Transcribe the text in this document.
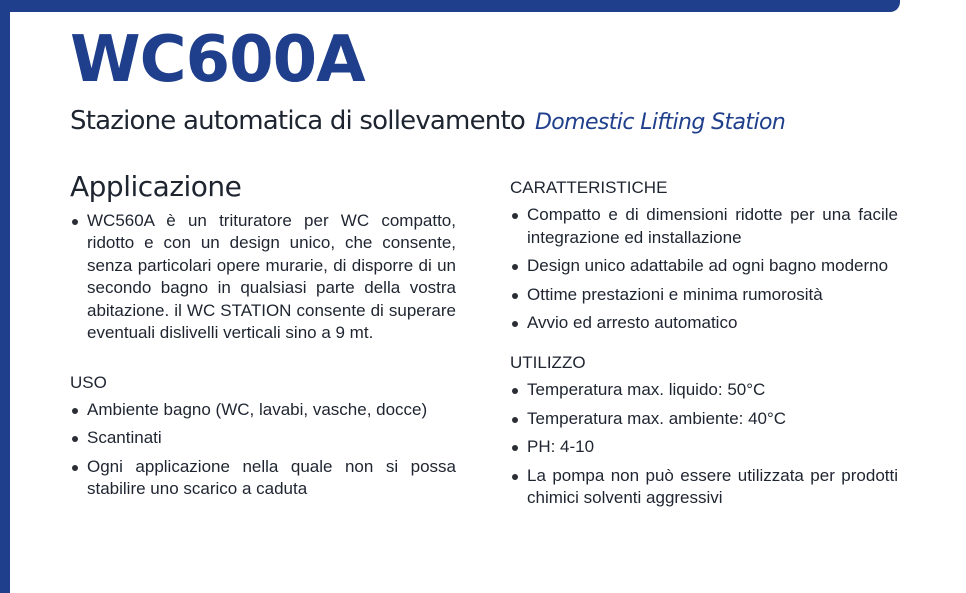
WC600A

Stazione automatica di sollevamento Domestic Lifting Station

Applicazione
WC560A è un trituratore per WC compatto, ridotto e con un design unico, che consente, senza particolari opere murarie, di disporre di un secondo bagno in qualsiasi parte della vostra abitazione. il WC STATION consente di superare eventuali dislivelli verticali sino a 9 mt.
USO
Ambiente bagno (WC, lavabi, vasche, docce)
Scantinati
Ogni applicazione nella quale non si possa stabilire uno scarico a caduta
CARATTERISTICHE
Compatto e di dimensioni ridotte per una facile integrazione ed installazione
Design unico adattabile ad ogni bagno moderno
Ottime prestazioni e minima rumorosità
Avvio ed arresto automatico
UTILIZZO
Temperatura max. liquido: 50°C
Temperatura max. ambiente: 40°C
PH: 4-10
La pompa non può essere utilizzata per prodotti chimici solventi aggressivi
